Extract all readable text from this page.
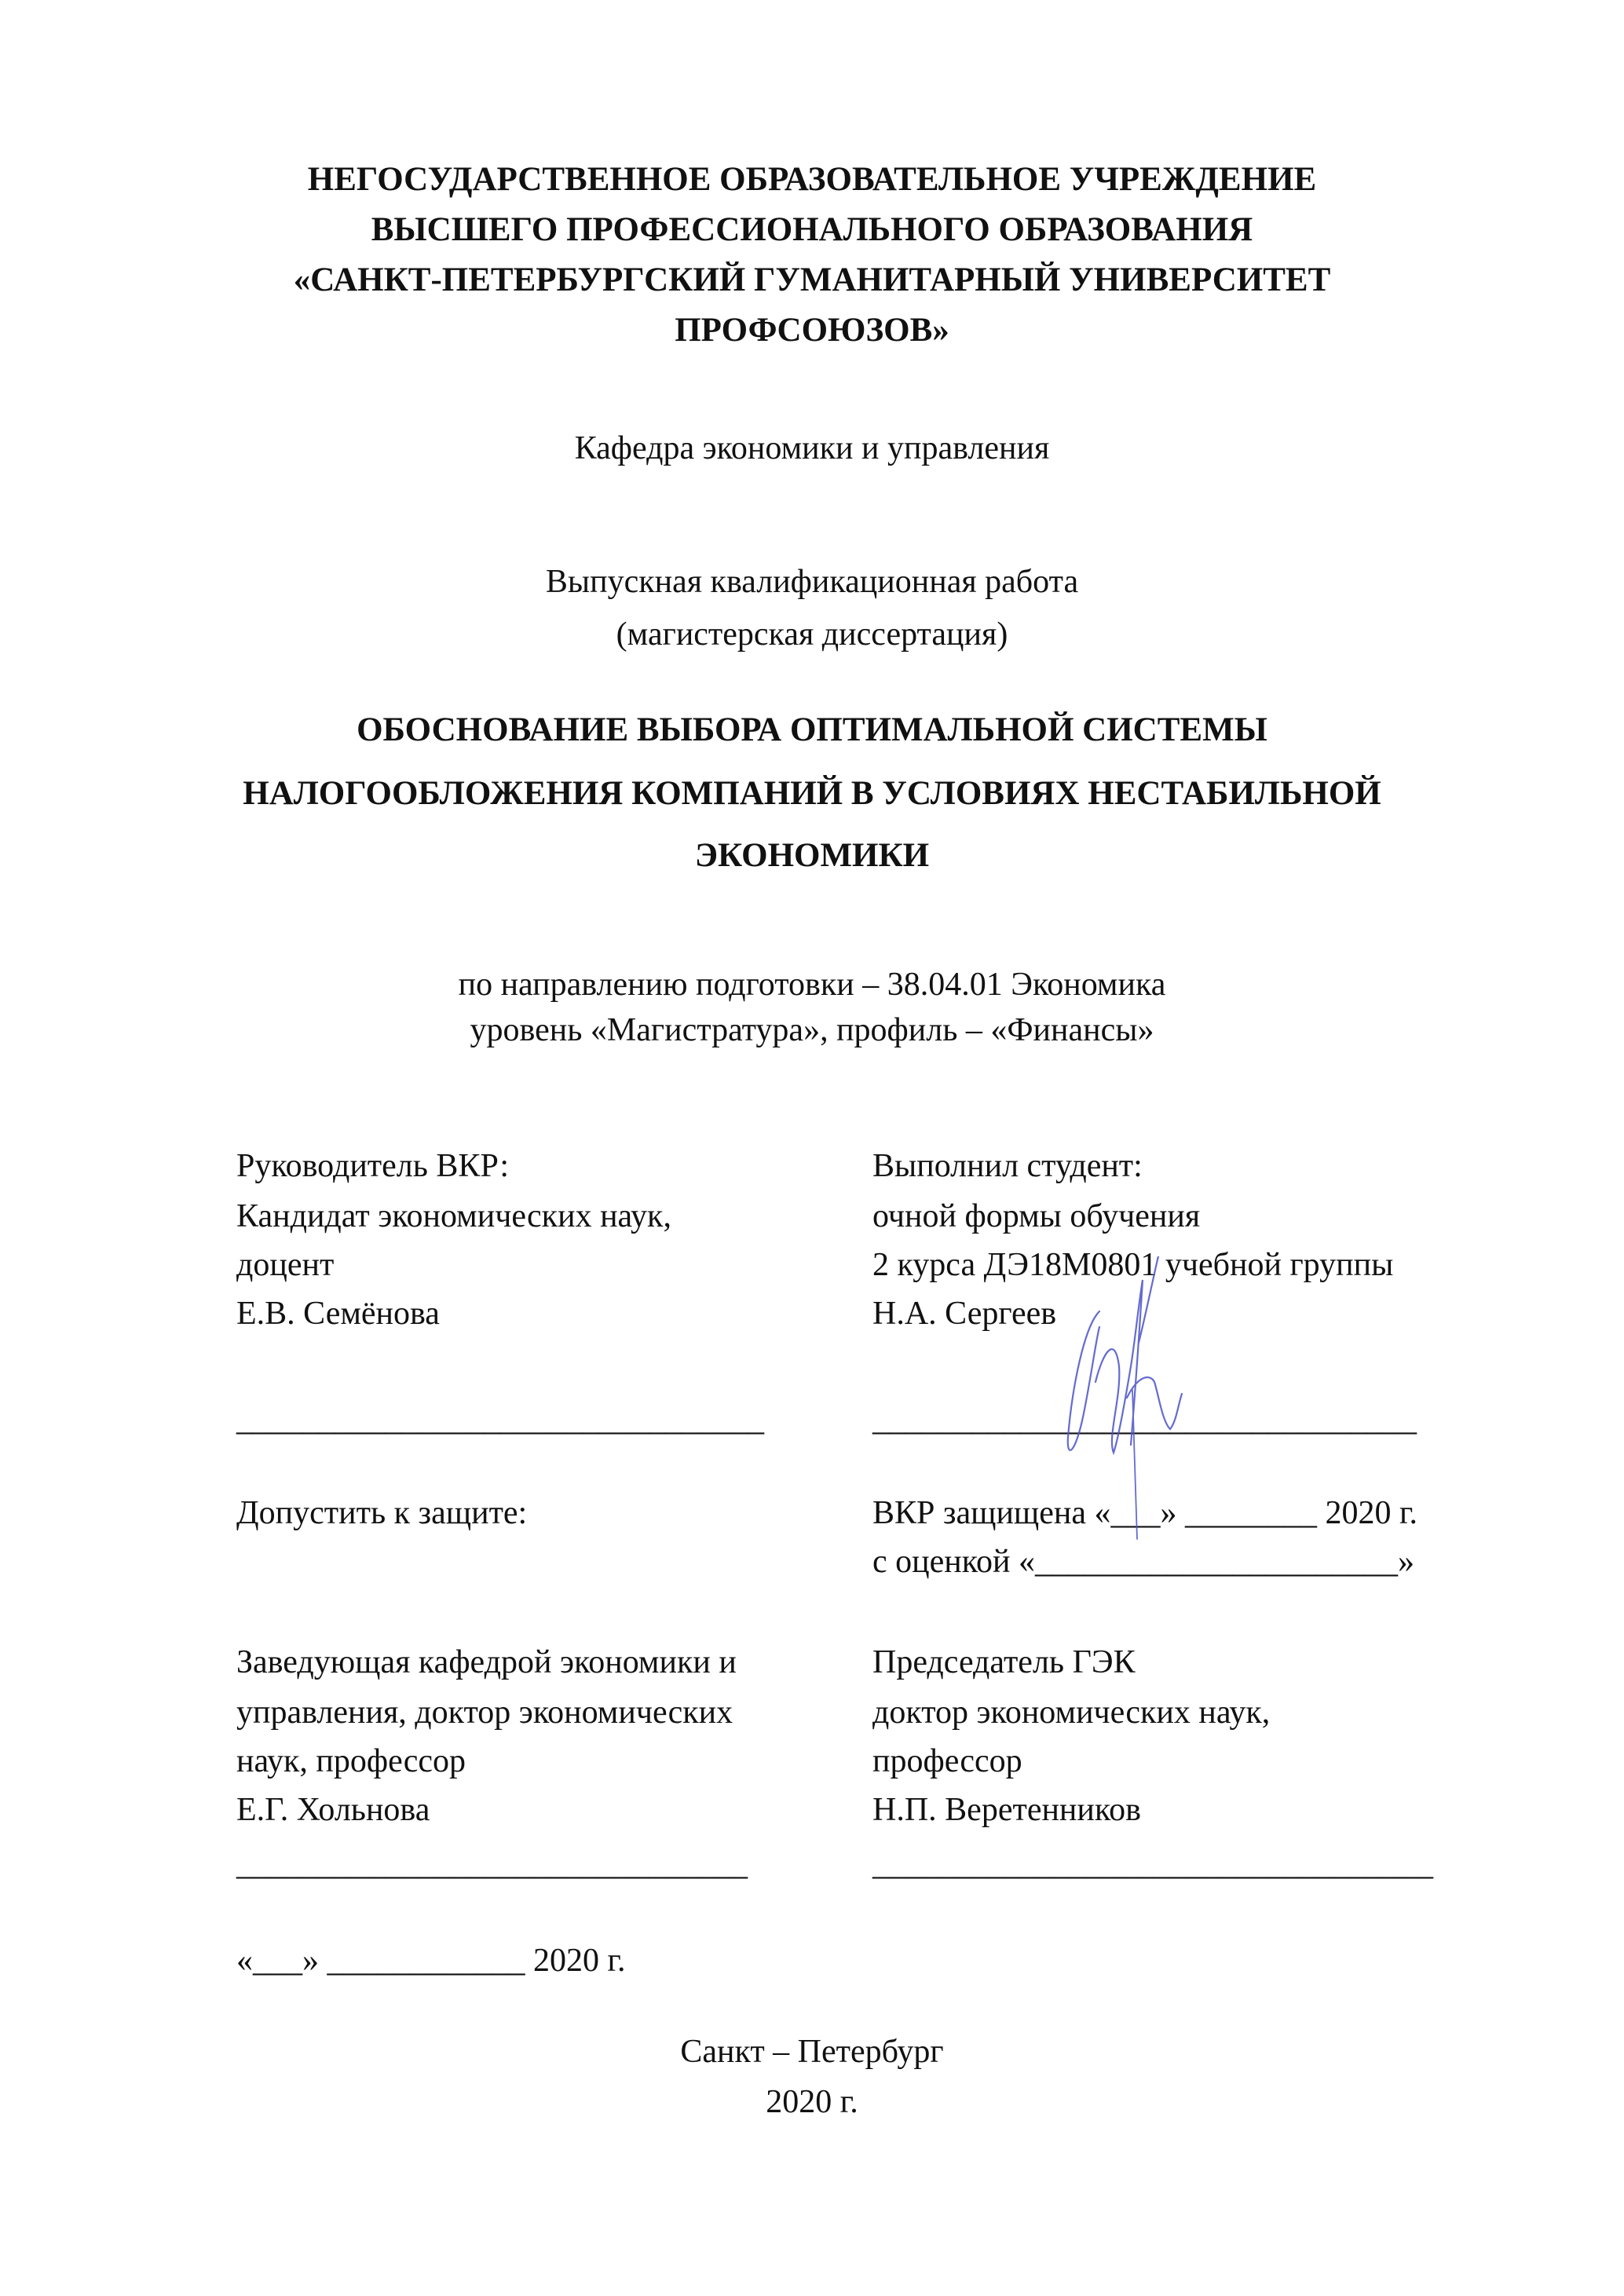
НЕГОСУДАРСТВЕННОЕ ОБРАЗОВАТЕЛЬНОЕ УЧРЕЖДЕНИЕ
ВЫСШЕГО ПРОФЕССИОНАЛЬНОГО ОБРАЗОВАНИЯ
«САНКТ-ПЕТЕРБУРГСКИЙ ГУМАНИТАРНЫЙ УНИВЕРСИТЕТ
ПРОФСОЮЗОВ»
Кафедра экономики и управления
Выпускная квалификационная работа
(магистерская диссертация)
ОБОСНОВАНИЕ ВЫБОРА ОПТИМАЛЬНОЙ СИСТЕМЫ
НАЛОГООБЛОЖЕНИЯ КОМПАНИЙ В УСЛОВИЯХ НЕСТАБИЛЬНОЙ
ЭКОНОМИКИ
по направлению подготовки – 38.04.01 Экономика
уровень «Магистратура», профиль – «Финансы»
Руководитель ВКР:
Кандидат экономических наук,
доцент
Е.В. Семёнова
________________________________
Выполнил студент:
очной формы обучения
2 курса ДЭ18М0801 учебной группы
Н.А. Сергеев
_________________________________
Допустить к защите:	ВКР защищена «___» ________ 2020 г.
с оценкой «______________________»
Заведующая кафедрой экономики и
управления, доктор экономических
наук, профессор
Е.Г. Хольнова
_______________________________
Председатель ГЭК
доктор экономических наук,
профессор
Н.П. Веретенников
__________________________________
«___» ____________ 2020 г.
Санкт – Петербург
2020 г.
